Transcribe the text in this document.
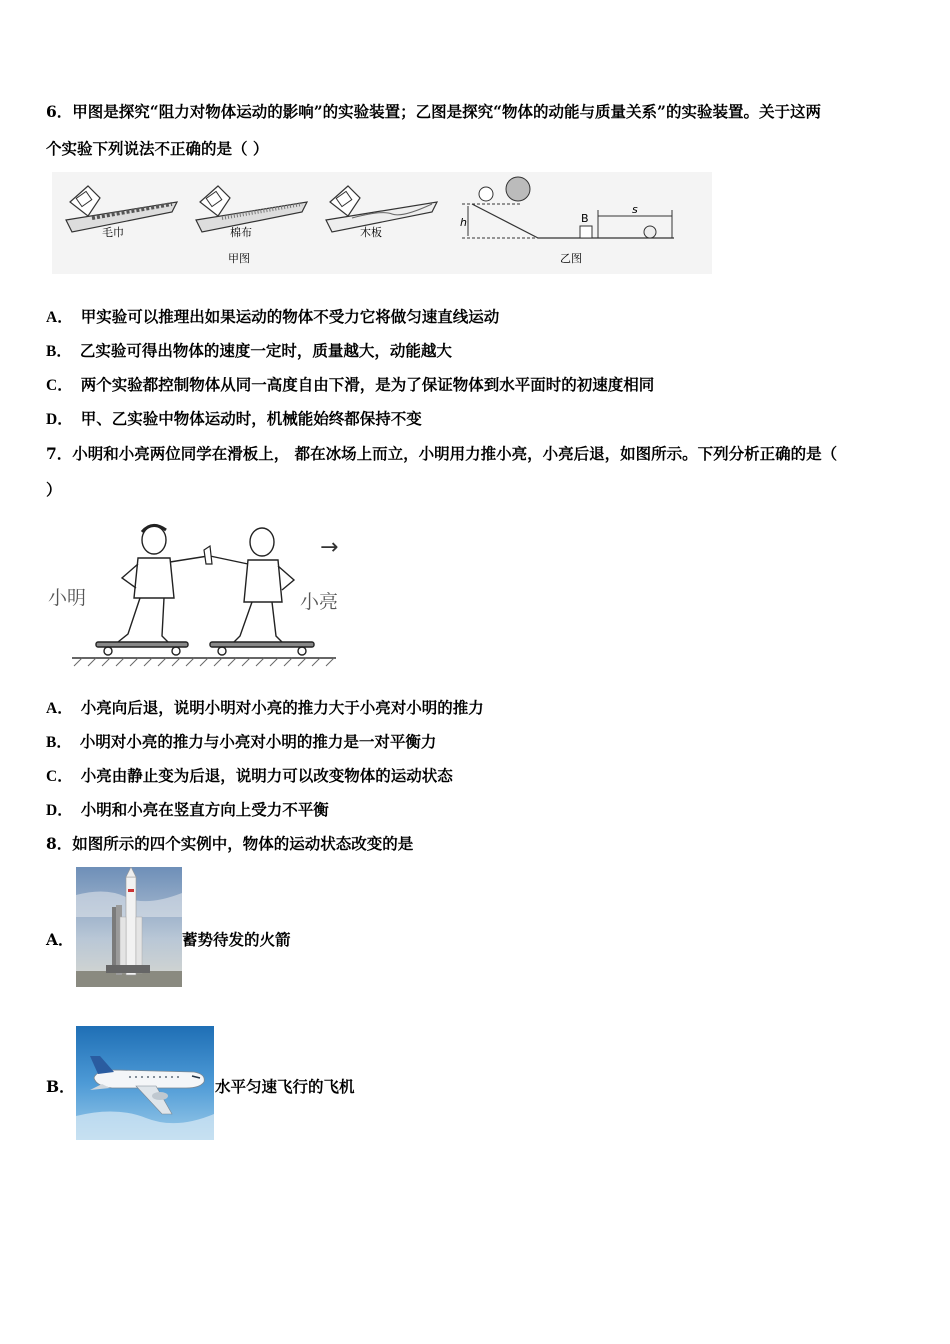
6．甲图是探究“阻力对物体运动的影响”的实验装置；乙图是探究“物体的动能与质量关系”的实验装置。关于这两
个实验下列说法不正确的是（ ）
毛巾	棉布	木板
甲图
h	B
s
乙图
A． 甲实验可以推理出如果运动的物体不受力它将做匀速直线运动
B． 乙实验可得出物体的速度一定时，质量越大，动能越大
C． 两个实验都控制物体从同一高度自由下滑，是为了保证物体到水平面时的初速度相同
D． 甲、乙实验中物体运动时，机械能始终都保持不变
7．小明和小亮两位同学在滑板上， 都在冰场上而立，小明用力推小亮，小亮后退，如图所示。下列分析正确的是（
）
→
小明	小亮
A． 小亮向后退，说明小明对小亮的推力大于小亮对小明的推力
B． 小明对小亮的推力与小亮对小明的推力是一对平衡力
C． 小亮由静止变为后退，说明力可以改变物体的运动状态
D． 小明和小亮在竖直方向上受力不平衡
8．如图所示的四个实例中，物体的运动状态改变的是
A．	蓄势待发的火箭
B．	水平匀速飞行的飞机
